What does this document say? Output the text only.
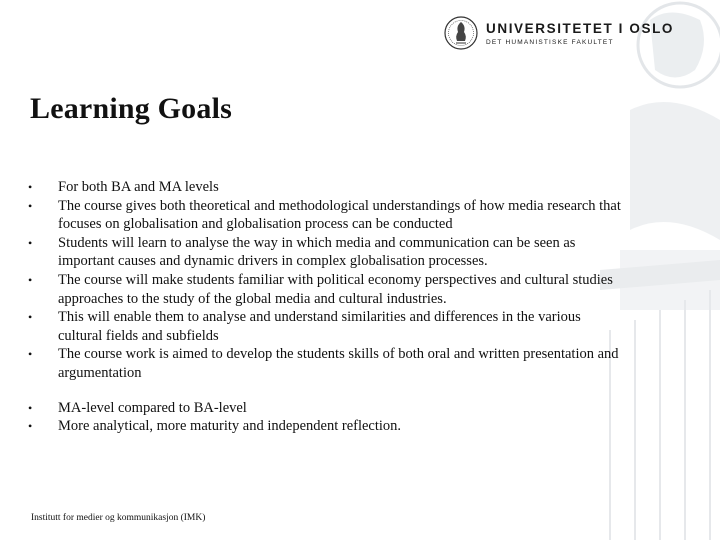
UNIVERSITETET I OSLO
DET HUMANISTISKE FAKULTET
Learning Goals
• For both BA and MA levels
• The course gives both theoretical and methodological understandings of how media research that focuses on globalisation and globalisation process can be conducted
• Students will learn to analyse the way in which media and communication can be seen as important causes and dynamic drivers in complex globalisation processes.
• The course will make students familiar with political economy perspectives and cultural studies approaches to the study of the global media and cultural industries.
• This will enable them to analyse and understand similarities and differences in the various cultural fields and subfields
• The course work is aimed to develop the students skills of both oral and written presentation and argumentation
• MA-level compared to BA-level
• More analytical, more maturity and independent reflection.
Institutt for medier og kommunikasjon (IMK)
